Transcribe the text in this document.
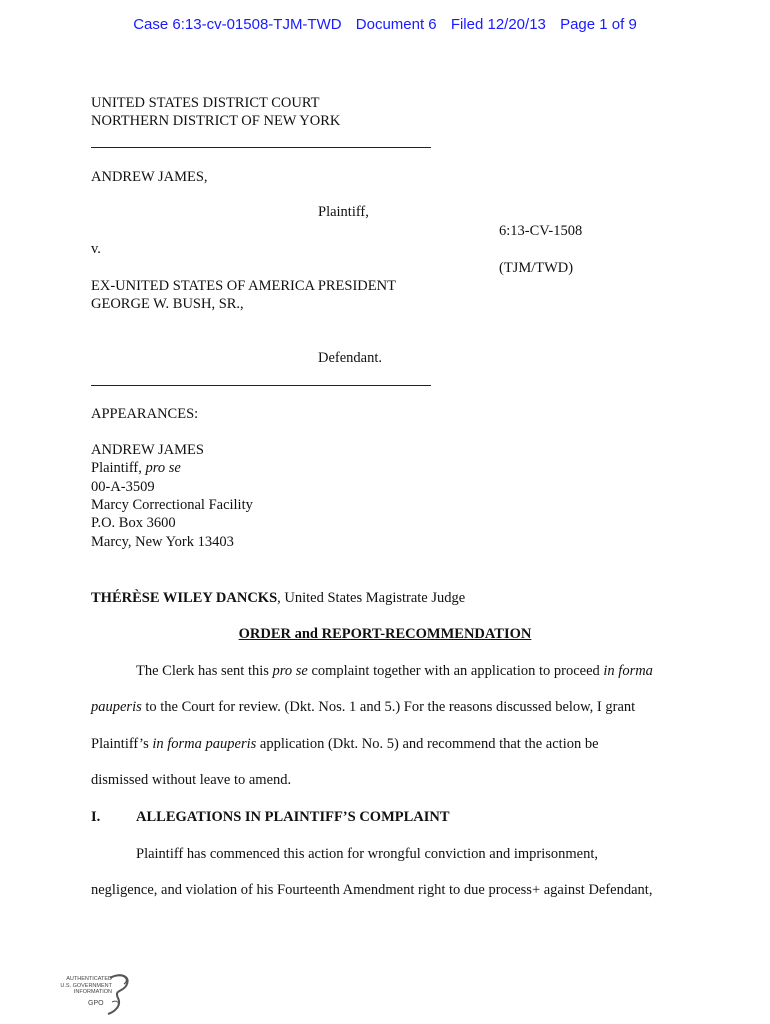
Case 6:13-cv-01508-TJM-TWD Document 6 Filed 12/20/13 Page 1 of 9
UNITED STATES DISTRICT COURT
NORTHERN DISTRICT OF NEW YORK
ANDREW JAMES,
Plaintiff,
6:13-CV-1508
v.
(TJM/TWD)
EX-UNITED STATES OF AMERICA PRESIDENT
GEORGE W. BUSH, SR.,
Defendant.
APPEARANCES:
ANDREW JAMES
Plaintiff, pro se
00-A-3509
Marcy Correctional Facility
P.O. Box 3600
Marcy, New York 13403
THÉRÈSE WILEY DANCKS, United States Magistrate Judge
ORDER and REPORT-RECOMMENDATION
The Clerk has sent this pro se complaint together with an application to proceed in forma
pauperis to the Court for review. (Dkt. Nos. 1 and 5.) For the reasons discussed below, I grant
Plaintiff’s in forma pauperis application (Dkt. No. 5) and recommend that the action be
dismissed without leave to amend.
I. ALLEGATIONS IN PLAINTIFF’S COMPLAINT
Plaintiff has commenced this action for wrongful conviction and imprisonment,
negligence, and violation of his Fourteenth Amendment right to due process+ against Defendant,
AUTHENTICATED
U.S. GOVERNMENT
INFORMATION
GPO
